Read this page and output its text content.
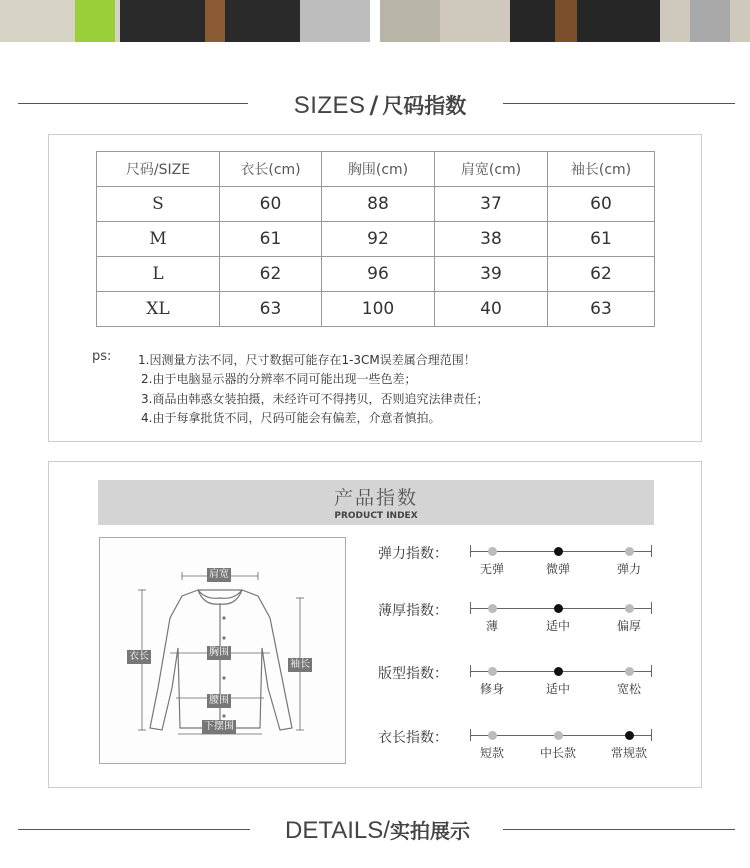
SIZES / 尺码指数
尺码/SIZE	衣长(cm)	胸围(cm)	肩宽(cm)	袖长(cm)
S	60	88	37	60
M	61	92	38	61
L	62	96	39	62
XL	63	100	40	63
ps: 1.因测量方法不同，尺寸数据可能存在1-3CM误差属合理范围！
2.由于电脑显示器的分辨率不同可能出现一些色差；
3.商品由韩惑女装拍摄，未经许可不得拷贝，否则追究法律责任；
4.由于每拿批货不同，尺码可能会有偏差，介意者慎拍。
产品指数
PRODUCT INDEX
肩宽
衣长	胸围
袖长
腰围
下摆围
弹力指数：
无弹	微弹	弹力
薄厚指数：
薄	适中	偏厚
版型指数：
修身	适中	宽松
衣长指数：
短款	中长款	常规款
DETAILS/实拍展示
